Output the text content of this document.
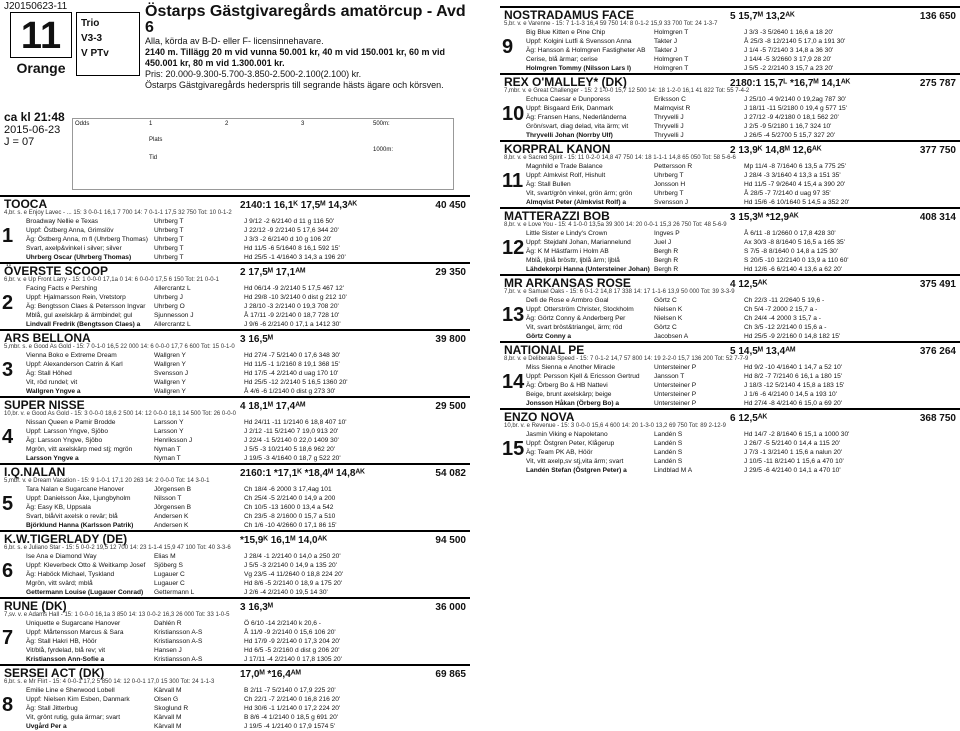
J20150623-11
11
Orange
Trio
V3-3
V PTv
Östarps Gästgivaregårds amatörcup - Avd 6
Alla, körda av B-D- eller F- licensinnehavare.
2140 m. Tillägg 20 m vid vunna 50.001 kr, 40 m vid 150.001 kr, 60 m vid 450.001 kr, 80 m vid 1.300.001 kr.
Pris: 20.000-9.300-5.700-3.850-2.500-2.100(2.100) kr.
Östarps Gästgivaregårds hederspris till segrande hästs ägare och körsven.
ca kl 21:48
2015-06-23
J = 07
Odds	1	2	3	500m:
Plats
1000m:
Tid
TOOCA	2140:1 16,1ᴷ 17,5ᴹ 14,3ᴬᴷ	40 450
4,br. s. e Enjoy Lavec - ... 15: 3 0-0-1 16,1 7 700 14: 7 0-1-1 17,5 32 750 Tot: 10 0-1-2
1
Broadway Nellie e Texas	Uhrberg T	J 9/12 -2 6/2140 d 11 g 116 50'
Uppf: Östberg Anna, Grimslöv	Uhrberg T	J 22/12 -9 2/2140 5 17,6 344 20'
Äg: Östberg Anna, m fl (Uhrberg Thomas) Uhrberg T	J 3/3 -2 6/2140 d 10 g 106 20'
Svart, axelp&vinkel i silver; silver	Uhrberg T	Hd 11/5 -6 5/1640 8 16,1 592 15'
Uhrberg Oscar (Uhrberg Thomas)	Uhrberg T	Hd 25/5 -1 4/1640 3 14,3 a 196 20'
ÖVERSTE SCOOP	2 17,5ᴹ 17,1ᴬᴹ	29 350
6,br. v. e Up Front Larry - 15: 1 0-0-0 17,1a 0 14: 6 0-0-0 17,5 6 150 Tot: 21 0-0-1
2
Facing Facts e Pershing	Allercrantz L	Hd 06/14 -9 2/2140 5 17,5 467 12'
Uppf: Hjalmarsson Rein, Vretstorp	Uhrberg J	Hd 29/8 -10 3/2140 0 dist g 212 10'
Äg: Bengtsson Claes & Petersson Ingvar	Uhrberg O	J 28/10 -3 2/2140 0 19,3 708 20'
Mblå, gul axelskärp & ärmbindel; gul	Sjunnesson J	Å 17/11 -9 2/2140 0 18,7 728 10'
Lindvall Fredrik (Bengtsson Claes) a	Allercrantz L	J 9/6 -6 2/2140 0 17,1 a 1412 30'
ARS BELLONA	3 16,5ᴹ	39 800
5,mbr. s. e Good As Gold - 15: 7 0-1-0 16,5 22 000 14: 6 0-0-0 17,7 6 600 Tot: 15 0-1-0
3
Vienna Boko e Extreme Dream	Wallgren Y	Hd 27/4 -7 5/2140 0 17,6 348 30'
Uppf: Alexanderson Catrin & Karl	Wallgren Y	Hd 11/5 -1 1/2160 8 19,1 368 15'
Äg: Stall Höhed	Svensson J	Hd 17/5 -4 2/2140 d uag 170 10'
Vit, röd rundel; vit	Wallgren Y	Hd 25/5 -12 2/2140 5 16,5 1360 20'
Wallgren Yngve a	Wallgren Y	Å 4/6 -6 1/2140 0 dist g 273 30'
SUPER NISSE	4 18,1ᴹ 17,4ᴬᴹ	29 500
10,br. v. e Good As Gold - 15: 3 0-0-0 18,6 2 500 14: 12 0-0-0 18,1 14 500 Tot: 26 0-0-0
4
Nissan Queen e Pamir Brodde	Larsson Y	Hd 24/11 -11 1/2140 6 18,8 407 10'
Uppf: Larsson Yngve, Sjöbo	Larsson Y	J 2/12 -11 5/2140 7 19,0 913 20'
Äg: Larsson Yngve, Sjöbo	Henriksson J	J 22/4 -1 5/2140 0 22,0 1409 30'
Mgrön, vitt axelskärp med stj; mgrön	Nyman T	J 5/5 -3 10/2140 5 18,6 962 20'
Larsson Yngve a	Nyman T	J 19/5 -3 4/1640 0 18,7 g 522 20'
I.Q.NALAN	2160:1 *17,1ᴷ *18,4ᴹ 14,8ᴬᴷ	54 082
5,mbr. v. e Dream Vacation - 15: 9 1-0-1 17,1 20 263 14: 2 0-0-0 Tot: 14 3-0-1
5
Tara Nalan e Sugarcane Hanover	Jörgensen B	Ch 18/4 -6 2000 3 17,4ag 101
Uppf: Danielsson Åke, Ljungbyholm	Nilsson T	Ch 25/4 -5 2/2140 0 14,9 a 200
Äg: Easy KB, Uppsala	Jörgensen B	Ch 10/5 -13 1600 0 13,4 a 542
Svart, blå/vit axelsk o revär; blå	Andersen K	Ch 23/5 -8 2/1600 0 15,7 a 510
Björklund Hanna (Karlsson Patrik)	Andersen K	Ch 1/6 -10 4/2660 0 17,1 86 15'
K.W.TIGERLADY (DE)	*15,9ᴷ 16,1ᴹ 14,0ᴬᴷ	94 500
6,br. s. e Juliano Star - 15: 5 0-0-2 19,5 12 700 14: 23 1-1-4 15,9 47 100 Tot: 40 3-3-6
6
Ise Ana e Diamond Way	Elias M	J 28/4 -1 2/2140 0 14,0 a 250 20'
Uppf: Kleverbeck Otto & Weitkamp Josef	Sjöberg S	J 5/5 -3 2/2140 0 14,9 a 135 20'
Äg: Haböck Michael, Tyskland	Lugauer C	Vg 23/5 -4 11/2640 0 18,8 224 20'
Mgrön, vitt svärd; mblå	Lugauer C	Hd 8/6 -5 2/2140 0 18,9 a 175 20'
Gettermann Louise (Lugauer Conrad)	Gettermann L	J 2/6 -4 2/2140 0 19,5 14 30'
RUNE (DK)	3 16,3ᴹ	36 000
7,sv. v. e Adams Hall - 15: 1 0-0-0 16,1a 3 850 14: 13 0-0-2 16,3 26 000 Tot: 33 1-0-5
7
Uniquette e Sugarcane Hanover	Dahlén R	Ö 6/10 -14 2/2140 k 20,6 -
Uppf: Mårtensson Marcus & Sara	Kristiansson A-S	Å 11/9 -9 2/2140 0 15,6 106 20'
Äg: Stall Hakri HB, Höör	Kristiansson A-S	Hd 17/9 -9 2/2140 0 17,3 204 20'
Vit/blå, fyrdelad, blå rev; vit	Hansen J	Hd 6/5 -5 2/2160 d dist g 206 20'
Kristiansson Ann-Sofie a	Kristiansson A-S	J 17/11 -4 2/2140 0 17,8 1305 20'
SERSEI ACT (DK)	17,0ᴹ *16,4ᴬᴹ	69 865
6,br. s. e Mr Flirt - 15: 4 0-0-1 17,2 5 850 14: 12 0-0-1 17,0 15 300 Tot: 24 1-1-3
8
Emilie Line e Sherwood Lobell	Kärvall M	B 2/11 -7 5/2140 0 17,9 225 20'
Uppf: Nielsen Kim Esben, Danmark	Olsen G	Ch 22/1 -7 2/2140 0 16,8 216 20'
Äg: Stall Jitterbug	Skoglund R	Hd 30/6 -1 1/2140 0 17,2 224 20'
Vit, grönt rutig, gula ärmar; svart	Kärvall M	B 8/6 -4 1/2140 0 18,5 g 691 20'
Uvgård Per a	Kärvall M	J 19/5 -4 1/2140 0 17,9 1574 5'
NOSTRADAMUS FACE	5 15,7ᴹ 13,2ᴬᴷ	136 650
5,br. v. e Varenne - 15: 7 1-1-3 16,4 59 750 14: 8 0-1-2 15,9 33 700 Tot: 24 1-3-7
9
Big Blue Kitten e Pine Chip	Holmgren T	J 3/3 -3 5/2640 1 16,6 a 18 20'
Uppf: Kolgini Lutfi & Svensson Anna	Takter J	Å 25/3 -8 12/2140 5 17,0 a 191 30'
Äg: Hansson & Holmgren Fastigheter AB	Takter J	J 1/4 -5 7/2140 3 14,8 a 36 30'
Cerise, blå ärmar; cerise	Holmgren T	J 14/4 -5 3/2660 3 17,9 28 20'
Holmgren Tommy (Nilsson Lars I)	Holmgren T	J 5/5 -2 2/2140 3 15,7 a 23 20'
REX O'MALLEY* (DK)	2180:1 15,7ᴸ *16,7ᴹ 14,1ᴬᴷ	275 787
7,mbr. v. e Great Challenger - 15: 2 1-0-0 15,7 12 500 14: 18 1-2-0 16,1 41 822 Tot: 55 7-4-2
10
Echuca Caesar e Dunporess	Eriksson C	J 25/10 -4 9/2140 0 19,2ag 787 30'
Uppf: Bisgaard Erik, Danmark	Malmqvist R	J 18/11 -11 5/2180 0 19,4 g 577 15'
Äg: Fransen Hans, Nederländerna	Thryvelli J	J 27/12 -9 4/2180 0 18,1 562 20'
Grön/svart, diag delad, vita ärm; vit	Thryvelli J	J 2/5 -9 5/2180 1 16,7 324 10'
Thryvelli Johan (Norrby Ulf)	Thryvelli J	J 26/5 -4 5/2700 5 15,7 327 20'
KORPRAL KANON	2 13,9ᴷ 14,8ᴹ 12,6ᴬᴷ	377 750
8,br. v. e Sacred Spirit - 15: 11 0-2-0 14,8 47 750 14: 18 1-1-1 14,8 65 050 Tot: 58 5-6-6
11
Magnhild e Trade Balance	Pettersson R	Mp 11/4 -8 7/1640 6 13,5 a 775 25'
Uppf: Almkvist Rolf, Hishult	Uhrberg T	J 28/4 -3 3/1640 4 13,3 a 151 35'
Äg: Stall Bullen	Jonsson H	Hd 11/5 -7 9/2640 4 15,4 a 390 20'
Vit, svart/grön vinkel, grön ärm; grön	Uhrberg T	Å 28/5 -7 7/2140 d uag 97 35'
Almqvist Peter (Almkvist Rolf) a	Svensson J	Hd 15/6 -6 10/1640 5 14,5 a 352 20'
MATTERAZZI BOB	3 15,3ᴹ *12,9ᴬᴷ	408 314
8,br. v. e Love You - 15: 4 1-0-0 13,5a 39 300 14: 20 0-0-1 15,3 26 750 Tot: 48 5-6-9
12
Little Sister e Lindy's Crown	Ingves P	Å 6/11 -8 1/2660 0 17,8 428 30'
Uppf: Stejdahl Johan, Mariannelund	Juel J	Ax 30/3 -8 8/1640 5 16,5 a 165 35'
Äg: K M Hästfarm i Holm AB	Bergh R	S 7/5 -8 8/1640 0 14,8 a 125 30'
Mblå, ljblå brösttr, ljblå ärm; ljblå	Bergh R	S 20/5 -10 12/2140 0 13,9 a 110 60'
Lähdekorpi Hanna (Untersteiner Johan) Bergh R	Hd 12/6 -6 6/2140 4 13,6 a 62 20'
MR ARKANSAS ROSE	4 12,5ᴬᴷ	375 491
7,br. v. e Samuel Oaks - 15: 6 0-1-2 14,8 17 338 14: 17 1-1-6 13,9 50 000 Tot: 39 3-3-9
13
Defi de Rose e Armbro Goal	Görtz C	Ch 22/3 -11 2/2640 5 19,6 -
Uppf: Otterström Christer, Stockholm	Nielsen K	Ch 5/4 -7 2000 2 15,7 a -
Äg: Görtz Conny & Anderberg Per	Nielsen K	Ch 24/4 -4 2000 3 15,7 a -
Vit, svart bröst&triangel, ärm; röd	Görtz C	Ch 3/5 -12 2/2140 0 15,6 a -
Görtz Conny a	Jacobsen A	Hd 25/5 -9 2/2160 0 14,8 182 15'
NATIONAL PE	5 14,5ᴹ 13,4ᴬᴹ	376 264
8,br. v. e Deliberate Speed - 15: 7 0-1-2 14,7 57 800 14: 19 2-2-0 15,7 136 200 Tot: 52 7-7-9
14
Miss Sienna e Another Miracle	Untersteiner P	Hd 9/2 -10 4/1640 1 14,7 a 52 10'
Uppf: Persson Kjell & Ericsson Gertrud	Jansson T	Hd 8/2 -7 7/2140 6 16,1 a 180 15'
Äg: Örberg Bo & HB Nattevi	Untersteiner P	J 18/3 -12 5/2140 4 15,8 a 183 15'
Beige, brunt axelskärp; beige	Untersteiner P	J 1/6 -6 4/2140 0 14,5 a 193 10'
Jonsson Håkan (Örberg Bo) a	Untersteiner P	Hd 27/4 -8 4/2140 6 15,0 a 69 20'
ENZO NOVA	6 12,5ᴬᴷ	368 750
10,br. v. e Revenue - 15: 3 0-0-0 15,6 4 600 14: 20 1-3-0 13,2 69 750 Tot: 89 2-12-9
15
Jasmin Viking e Napoletano	Landén S	Hd 14/7 -2 8/1640 6 15,1 a 1000 30'
Uppf: Östgren Peter, Klågerup	Landén S	J 26/7 -5 5/2140 0 14,4 a 115 20'
Äg: Team PK AB, Höör	Landén S	J 7/3 -1 3/2140 1 15,6 a nalun 20'
Vit, vitt axelp,sv stj,vita ärm; svart	Landén S	J 10/5 -11 8/2140 1 15,6 a 470 10'
Landén Stefan (Östgren Peter) a	Lindblad M A	J 29/5 -6 4/2140 0 14,1 a 470 10'
